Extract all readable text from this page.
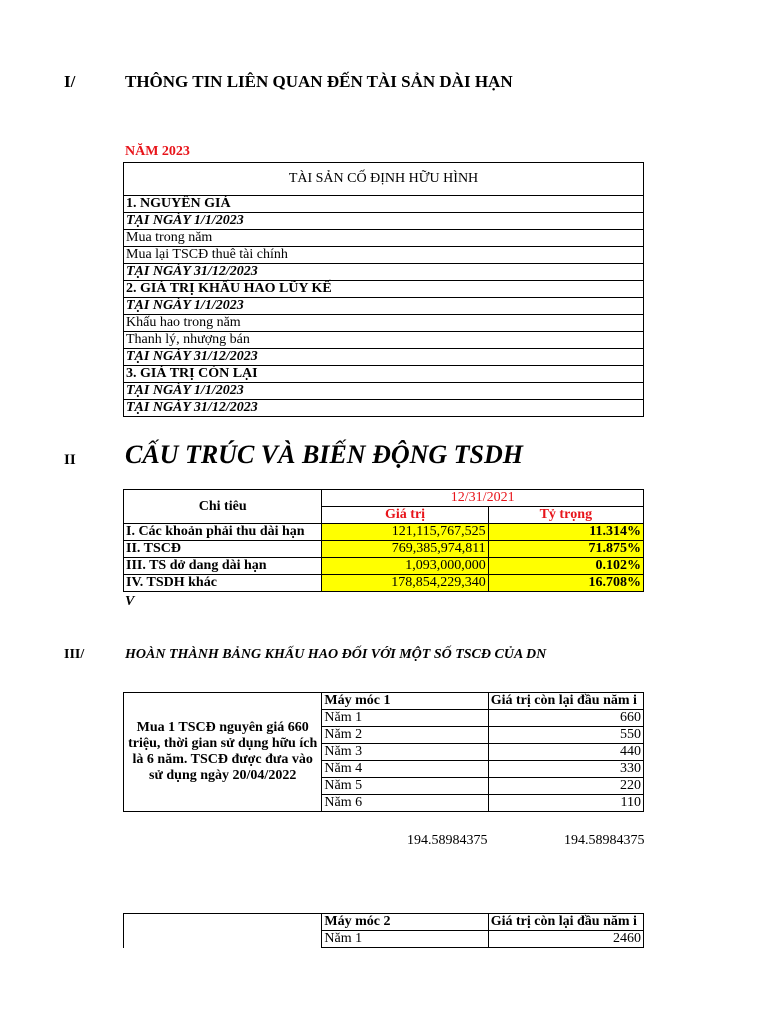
I/	THÔNG TIN LIÊN QUAN ĐẾN TÀI SẢN DÀI HẠN
NĂM 2023
TÀI SẢN CỐ ĐỊNH HỮU HÌNH
1. NGUYÊN GIÁ
TẠI NGÀY 1/1/2023
Mua trong năm
Mua lại TSCĐ thuê tài chính
TẠI NGÀY 31/12/2023
2. GIÁ TRỊ KHẤU HAO LŨY KẾ
TẠI NGÀY 1/1/2023
Khấu hao trong năm
Thanh lý, nhượng bán
TẠI NGÀY 31/12/2023
3. GIÁ TRỊ CÒN LẠI
TẠI NGÀY 1/1/2023
TẠI NGÀY 31/12/2023
II CẤU TRÚC VÀ BIẾN ĐỘNG TSDH
Chi tiêu	12/31/2021	
	Giá trị	Tỷ trọng
I. Các khoản phải thu dài hạn	121,115,767,525	11.314%
II. TSCĐ	769,385,974,811	71.875%
III. TS dở dang dài hạn	1,093,000,000	0.102%
IV. TSDH khác	178,854,229,340	16.708%
V
III/	HOÀN THÀNH BẢNG KHẤU HAO ĐỐI VỚI MỘT SỐ TSCĐ CỦA DN
Mua 1 TSCĐ nguyên giá 660 triệu, thời gian sử dụng hữu ích là 6 năm. TSCĐ được đưa vào sử dụng ngày 20/04/2022	Máy móc 1	Giá trị còn lại đầu năm i
	Năm 1	660
	Năm 2	550
	Năm 3	440
	Năm 4	330
	Năm 5	220
	Năm 6	110
194.58984375	194.58984375
	Máy móc 2	Giá trị còn lại đầu năm i
	Năm 1	2460
